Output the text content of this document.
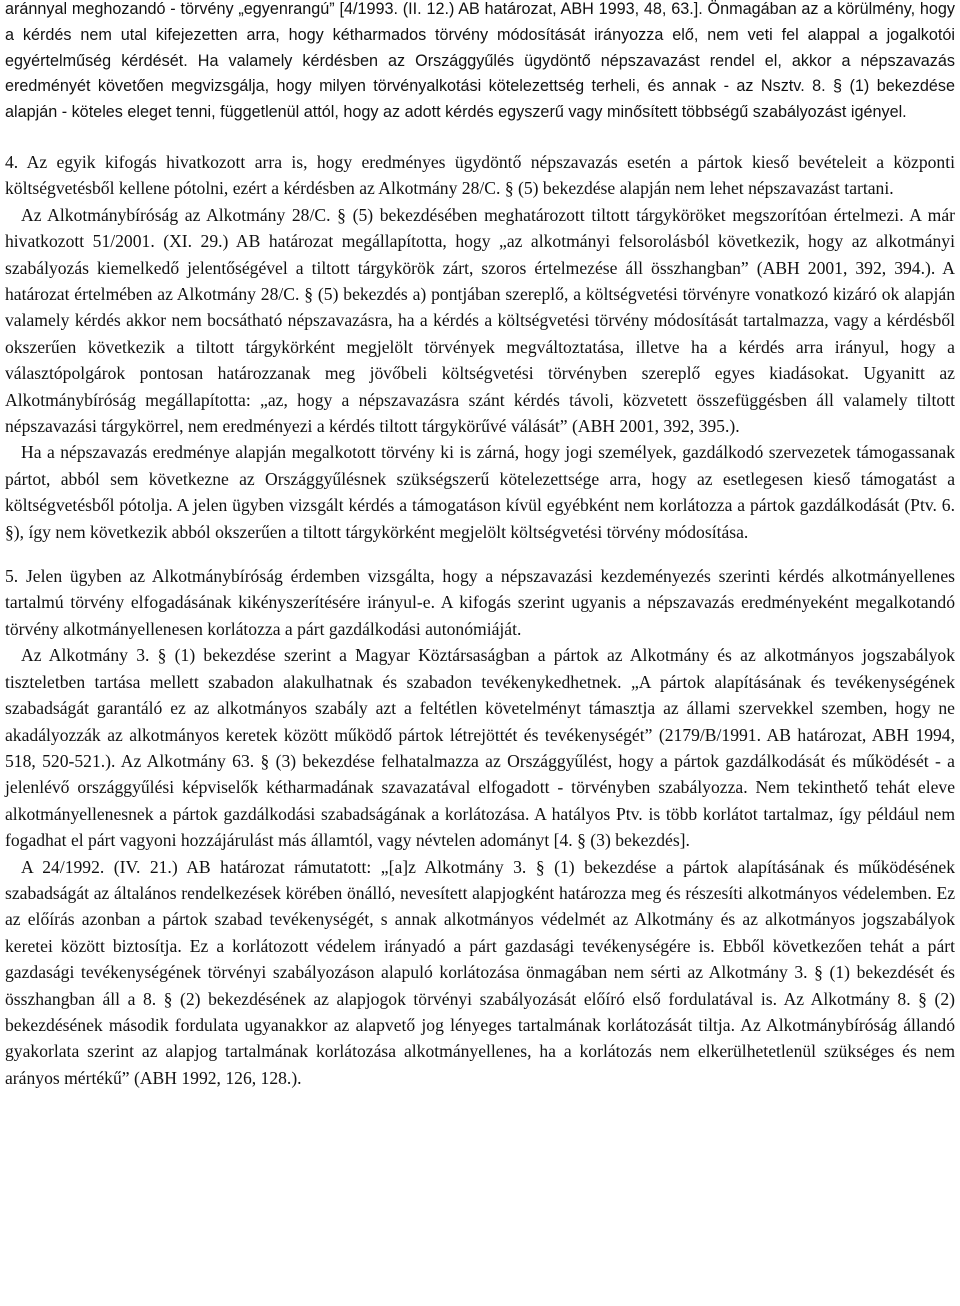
aránnyal meghozandó - törvény „egyenrangú” [4/1993. (II. 12.) AB határozat, ABH 1993, 48, 63.]. Önmagában az a körülmény, hogy a kérdés nem utal kifejezetten arra, hogy kétharmados törvény módosítását irányozza elő, nem veti fel alappal a jogalkotói egyértelműség kérdését. Ha valamely kérdésben az Országgyűlés ügydöntő népszavazást rendel el, akkor a népszavazás eredményét követően megvizsgálja, hogy milyen törvényalkotási kötelezettség terheli, és annak - az Nsztv. 8. § (1) bekezdése alapján - köteles eleget tenni, függetlenül attól, hogy az adott kérdés egyszerű vagy minősített többségű szabályozást igényel.

4. Az egyik kifogás hivatkozott arra is, hogy eredményes ügydöntő népszavazás esetén a pártok kieső bevételeit a központi költségvetésből kellene pótolni, ezért a kérdésben az Alkotmány 28/C. § (5) bekezdése alapján nem lehet népszavazást tartani.

Az Alkotmánybíróság az Alkotmány 28/C. § (5) bekezdésében meghatározott tiltott tárgyköröket megszorítóan értelmezi. A már hivatkozott 51/2001. (XI. 29.) AB határozat megállapította, hogy „az alkotmányi felsorolásból következik, hogy az alkotmányi szabályozás kiemelkedő jelentőségével a tiltott tárgykörök zárt, szoros értelmezése áll összhangban” (ABH 2001, 392, 394.). A határozat értelmében az Alkotmány 28/C. § (5) bekezdés a) pontjában szereplő, a költségvetési törvényre vonatkozó kizáró ok alapján valamely kérdés akkor nem bocsátható népszavazásra, ha a kérdés a költségvetési törvény módosítását tartalmazza, vagy a kérdésből okszerűen következik a tiltott tárgykörként megjelölt törvények megváltoztatása, illetve ha a kérdés arra irányul, hogy a választópolgárok pontosan határozzanak meg jövőbeli költségvetési törvényben szereplő egyes kiadásokat. Ugyanitt az Alkotmánybíróság megállapította: „az, hogy a népszavazásra szánt kérdés távoli, közvetett összefüggésben áll valamely tiltott népszavazási tárgykörrel, nem eredményezi a kérdés tiltott tárgykörűvé válását” (ABH 2001, 392, 395.).

Ha a népszavazás eredménye alapján megalkotott törvény ki is zárná, hogy jogi személyek, gazdálkodó szervezetek támogassanak pártot, abból sem következne az Országgyűlésnek szükségszerű kötelezettsége arra, hogy az esetlegesen kieső támogatást a költségvetésből pótolja. A jelen ügyben vizsgált kérdés a támogatáson kívül egyébként nem korlátozza a pártok gazdálkodását (Ptv. 6. §), így nem következik abból okszerűen a tiltott tárgykörként megjelölt költségvetési törvény módosítása.

5. Jelen ügyben az Alkotmánybíróság érdemben vizsgálta, hogy a népszavazási kezdeményezés szerinti kérdés alkotmányellenes tartalmú törvény elfogadásának kikényszerítésére irányul-e. A kifogás szerint ugyanis a népszavazás eredményeként megalkotandó törvény alkotmányellenesen korlátozza a párt gazdálkodási autonómiáját.

Az Alkotmány 3. § (1) bekezdése szerint a Magyar Köztársaságban a pártok az Alkotmány és az alkotmányos jogszabályok tiszteletben tartása mellett szabadon alakulhatnak és szabadon tevékenykedhetnek. „A pártok alapításának és tevékenységének szabadságát garantáló ez az alkotmányos szabály azt a feltétlen követelményt támasztja az állami szervekkel szemben, hogy ne akadályozzák az alkotmányos keretek között működő pártok létrejöttét és tevékenységét” (2179/B/1991. AB határozat, ABH 1994, 518, 520-521.). Az Alkotmány 63. § (3) bekezdése felhatalmazza az Országgyűlést, hogy a pártok gazdálkodását és működését - a jelenlévő országgyűlési képviselők kétharmadának szavazatával elfogadott - törvényben szabályozza. Nem tekinthető tehát eleve alkotmányellenesnek a pártok gazdálkodási szabadságának a korlátozása. A hatályos Ptv. is több korlátot tartalmaz, így például nem fogadhat el párt vagyoni hozzájárulást más államtól, vagy névtelen adományt [4. § (3) bekezdés].

A 24/1992. (IV. 21.) AB határozat rámutatott: „[a]z Alkotmány 3. § (1) bekezdése a pártok alapításának és működésének szabadságát az általános rendelkezések körében önálló, nevesített alapjogként határozza meg és részesíti alkotmányos védelemben. Ez az előírás azonban a pártok szabad tevékenységét, s annak alkotmányos védelmét az Alkotmány és az alkotmányos jogszabályok keretei között biztosítja. Ez a korlátozott védelem irányadó a párt gazdasági tevékenységére is. Ebből következően tehát a párt gazdasági tevékenységének törvényi szabályozáson alapuló korlátozása önmagában nem sérti az Alkotmány 3. § (1) bekezdését és összhangban áll a 8. § (2) bekezdésének az alapjogok törvényi szabályozását előíró első fordulatával is. Az Alkotmány 8. § (2) bekezdésének második fordulata ugyanakkor az alapvető jog lényeges tartalmának korlátozását tiltja. Az Alkotmánybíróság állandó gyakorlata szerint az alapjog tartalmának korlátozása alkotmányellenes, ha a korlátozás nem elkerülhetetlenül szükséges és nem arányos mértékű” (ABH 1992, 126, 128.).
